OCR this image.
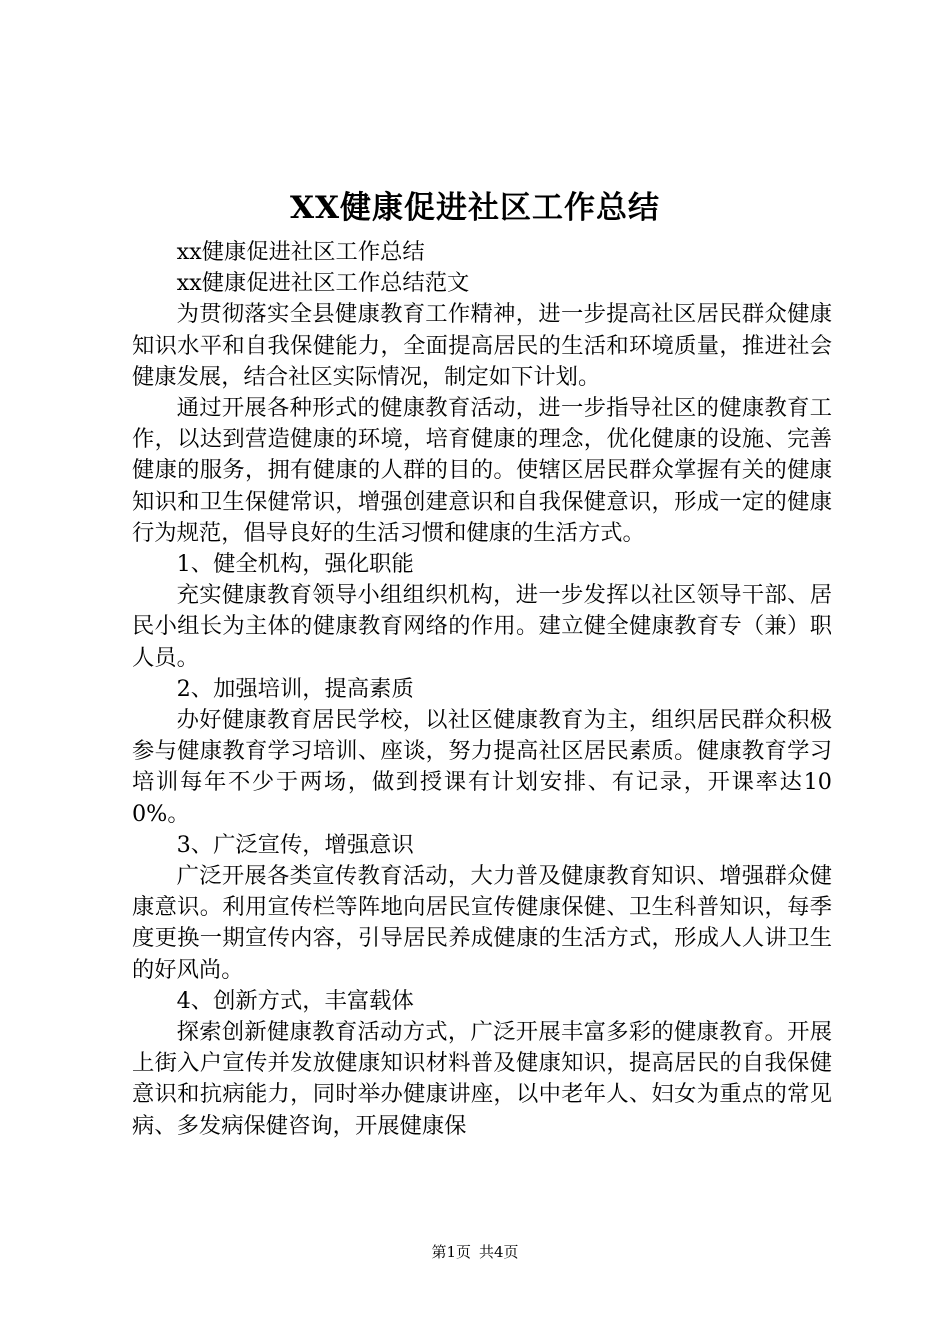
XX健康促进社区工作总结

xx健康促进社区工作总结

xx健康促进社区工作总结范文

为贯彻落实全县健康教育工作精神，进一步提高社区居民群众健康知识水平和自我保健能力，全面提高居民的生活和环境质量，推进社会健康发展，结合社区实际情况，制定如下计划。

通过开展各种形式的健康教育活动，进一步指导社区的健康教育工作，以达到营造健康的环境，培育健康的理念，优化健康的设施、完善健康的服务，拥有健康的人群的目的。使辖区居民群众掌握有关的健康知识和卫生保健常识，增强创建意识和自我保健意识，形成一定的健康行为规范，倡导良好的生活习惯和健康的生活方式。

1、健全机构，强化职能

充实健康教育领导小组组织机构，进一步发挥以社区领导干部、居民小组长为主体的健康教育网络的作用。建立健全健康教育专（兼）职人员。

2、加强培训，提高素质

办好健康教育居民学校，以社区健康教育为主，组织居民群众积极参与健康教育学习培训、座谈，努力提高社区居民素质。健康教育学习培训每年不少于两场，做到授课有计划安排、有记录，开课率达100%。

3、广泛宣传，增强意识

广泛开展各类宣传教育活动，大力普及健康教育知识、增强群众健康意识。利用宣传栏等阵地向居民宣传健康保健、卫生科普知识，每季度更换一期宣传内容，引导居民养成健康的生活方式，形成人人讲卫生的好风尚。

4、创新方式，丰富载体

探索创新健康教育活动方式，广泛开展丰富多彩的健康教育。开展上街入户宣传并发放健康知识材料普及健康知识，提高居民的自我保健意识和抗病能力，同时举办健康讲座，以中老年人、妇女为重点的常见病、多发病保健咨询，开展健康保

第1页 共4页
